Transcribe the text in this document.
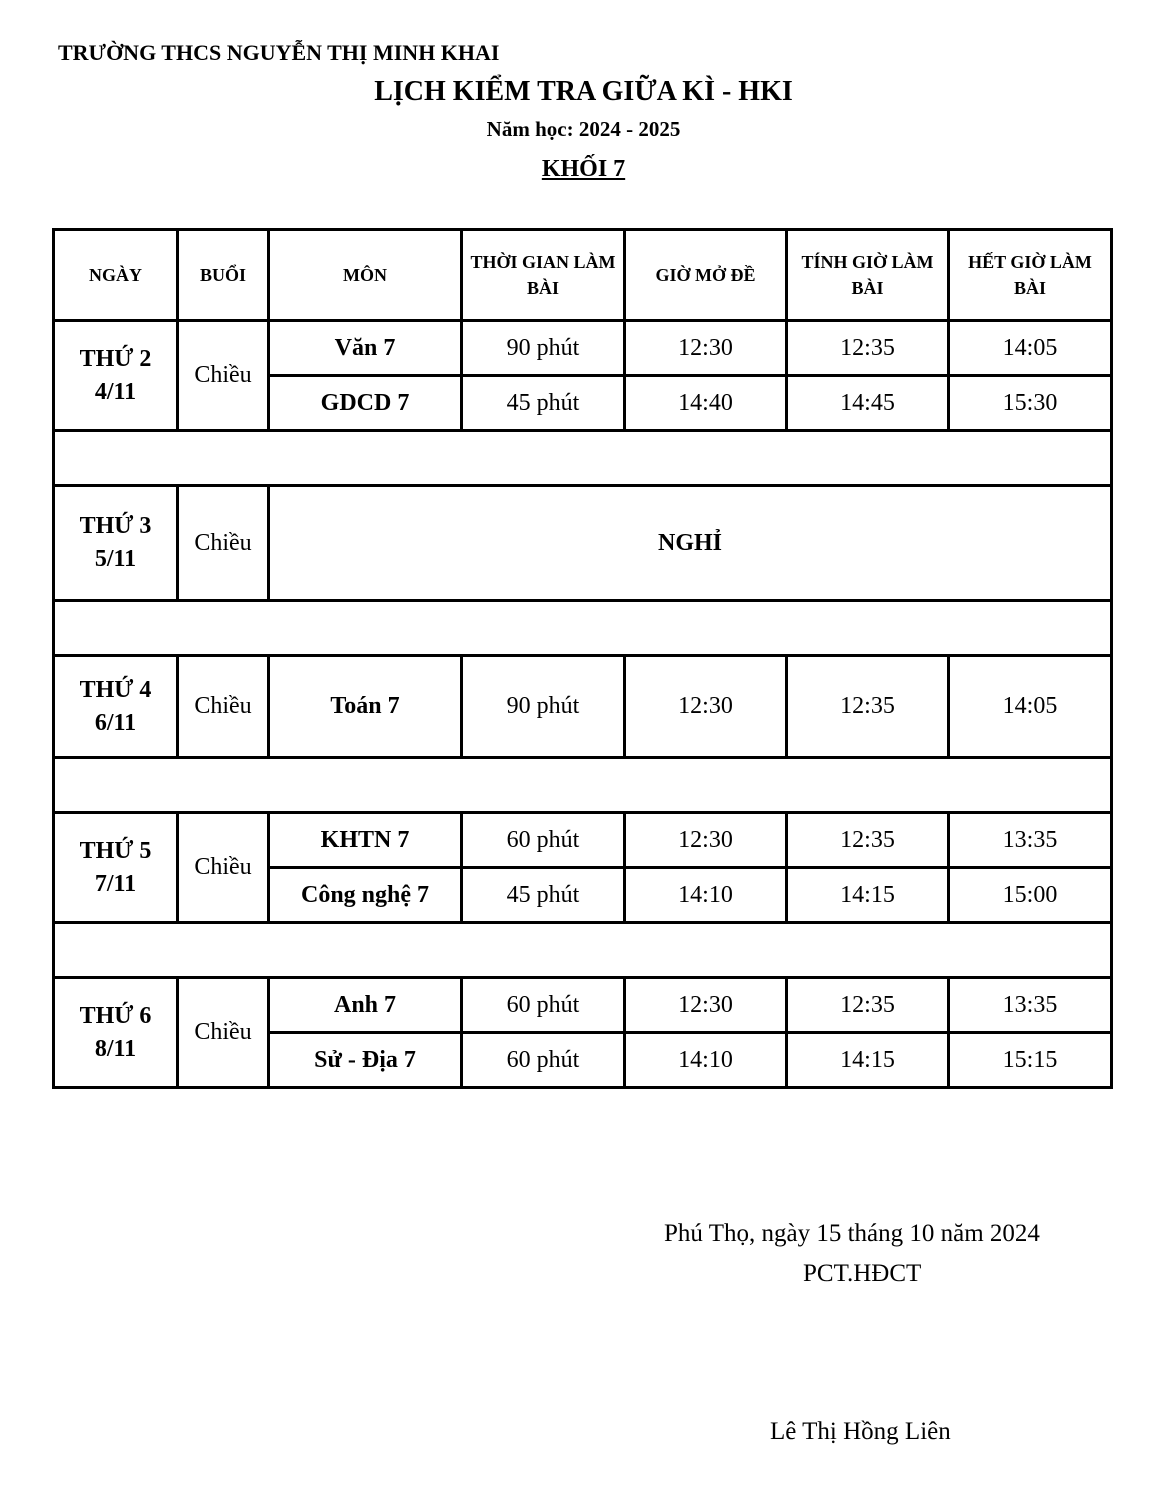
TRƯỜNG THCS NGUYỄN THỊ MINH KHAI
LỊCH KIỂM TRA GIỮA KÌ - HKI
Năm học: 2024 - 2025
KHỐI 7
NGÀY	BUỔI	MÔN	THỜI GIAN LÀM BÀI	GIỜ MỞ ĐỀ	TÍNH GIỜ LÀM BÀI	HẾT GIỜ LÀM BÀI
THỨ 2
4/11	Chiều	Văn 7	90 phút	12:30	12:35	14:05
		GDCD 7	45 phút	14:40	14:45	15:30

THỨ 3
5/11	Chiều	NGHỈ				

THỨ 4
6/11	Chiều	Toán 7	90 phút	12:30	12:35	14:05

THỨ 5
7/11	Chiều	KHTN 7	60 phút	12:30	12:35	13:35
		Công nghệ 7	45 phút	14:10	14:15	15:00

THỨ 6
8/11	Chiều	Anh 7	60 phút	12:30	12:35	13:35
		Sử - Địa 7	60 phút	14:10	14:15	15:15
Phú Thọ, ngày 15 tháng 10 năm 2024
PCT.HĐCT
Lê Thị Hồng Liên
